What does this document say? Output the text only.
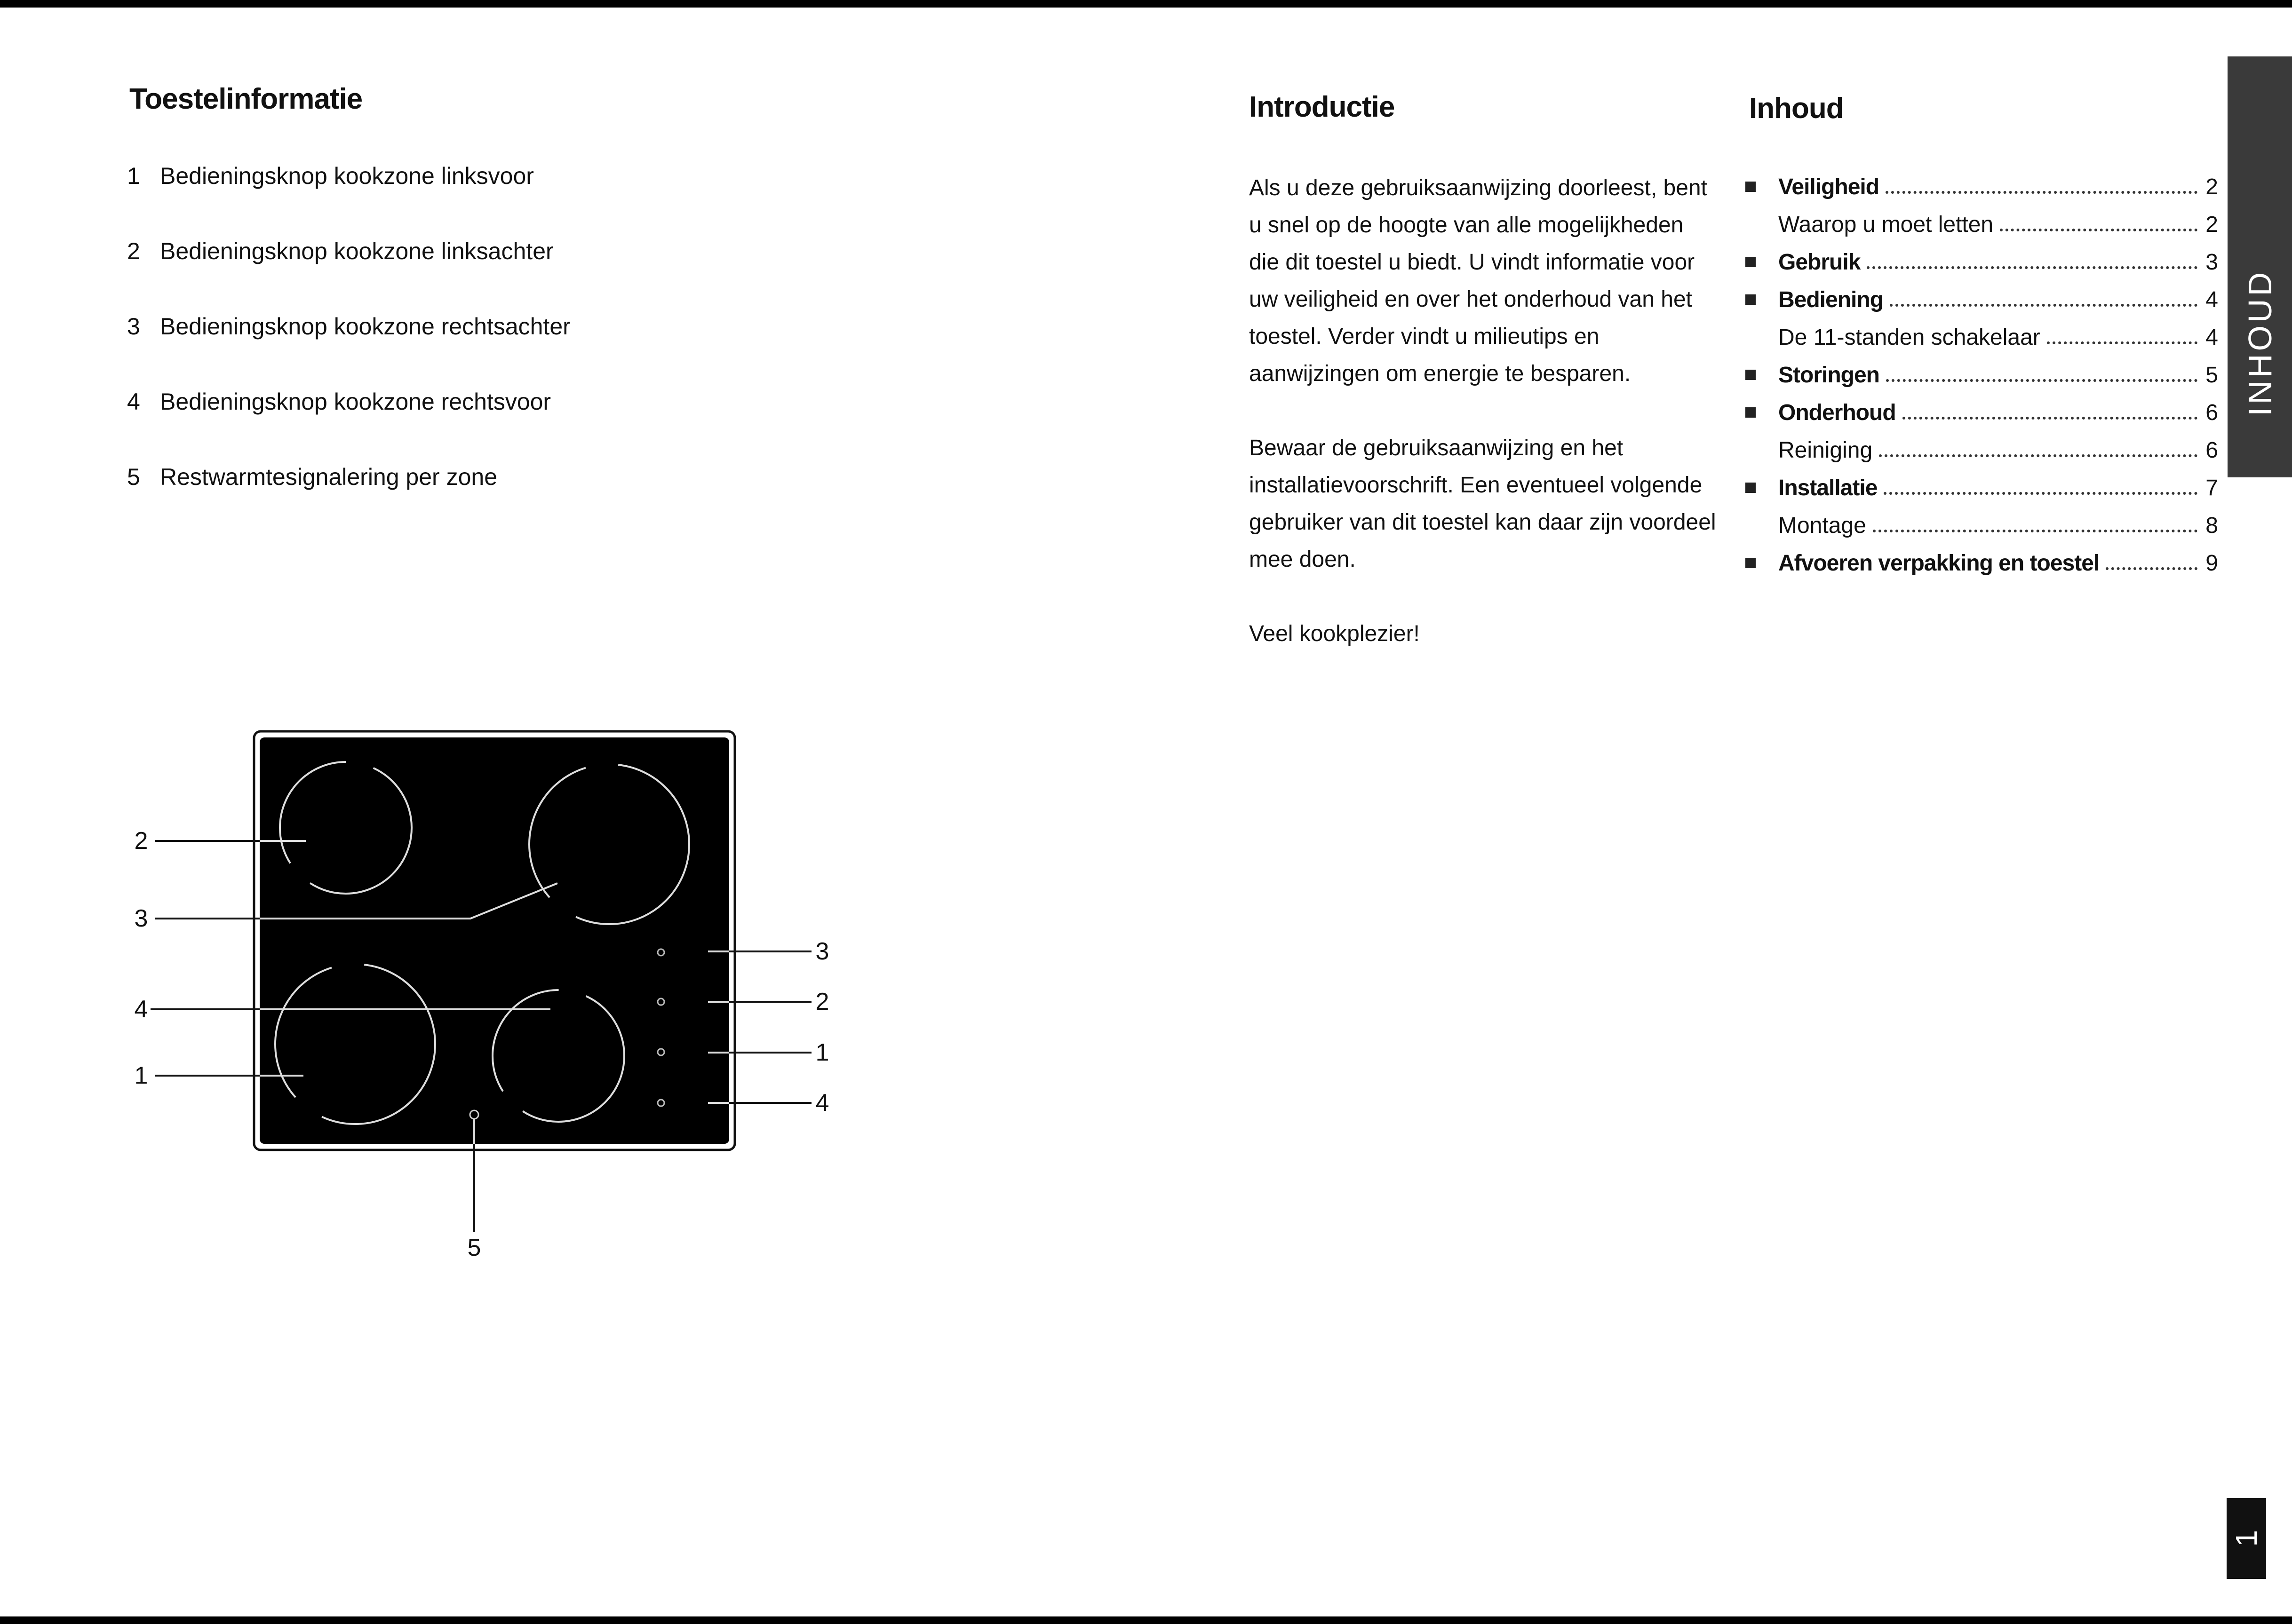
Toestelinformatie
1 Bedieningsknop kookzone linksvoor
2 Bedieningsknop kookzone linksachter
3 Bedieningsknop kookzone rechtsachter
4 Bedieningsknop kookzone rechtsvoor
5 Restwarmtesignalering per zone
Introductie

Als u deze gebruiksaanwijzing doorleest, bent u snel op de hoogte van alle mogelijkheden die dit toestel u biedt. U vindt informatie voor uw veiligheid en over het onderhoud van het toestel. Verder vindt u milieutips en aanwijzingen om energie te besparen.

Bewaar de gebruiksaanwijzing en het installatievoorschrift. Een eventueel volgende gebruiker van dit toestel kan daar zijn voordeel mee doen.

Veel kookplezier!

Inhoud
Veiligheid	2
Waarop u moet letten	2
Gebruik	3
Bediening	4
De 11-standen schakelaar	4
Storingen	5
Onderhoud	6
Reiniging	6
Installatie	7
Montage	8
Afvoeren verpakking en toestel	9
INHOUD
1
2
3
4
1
3
2
1
4
5
